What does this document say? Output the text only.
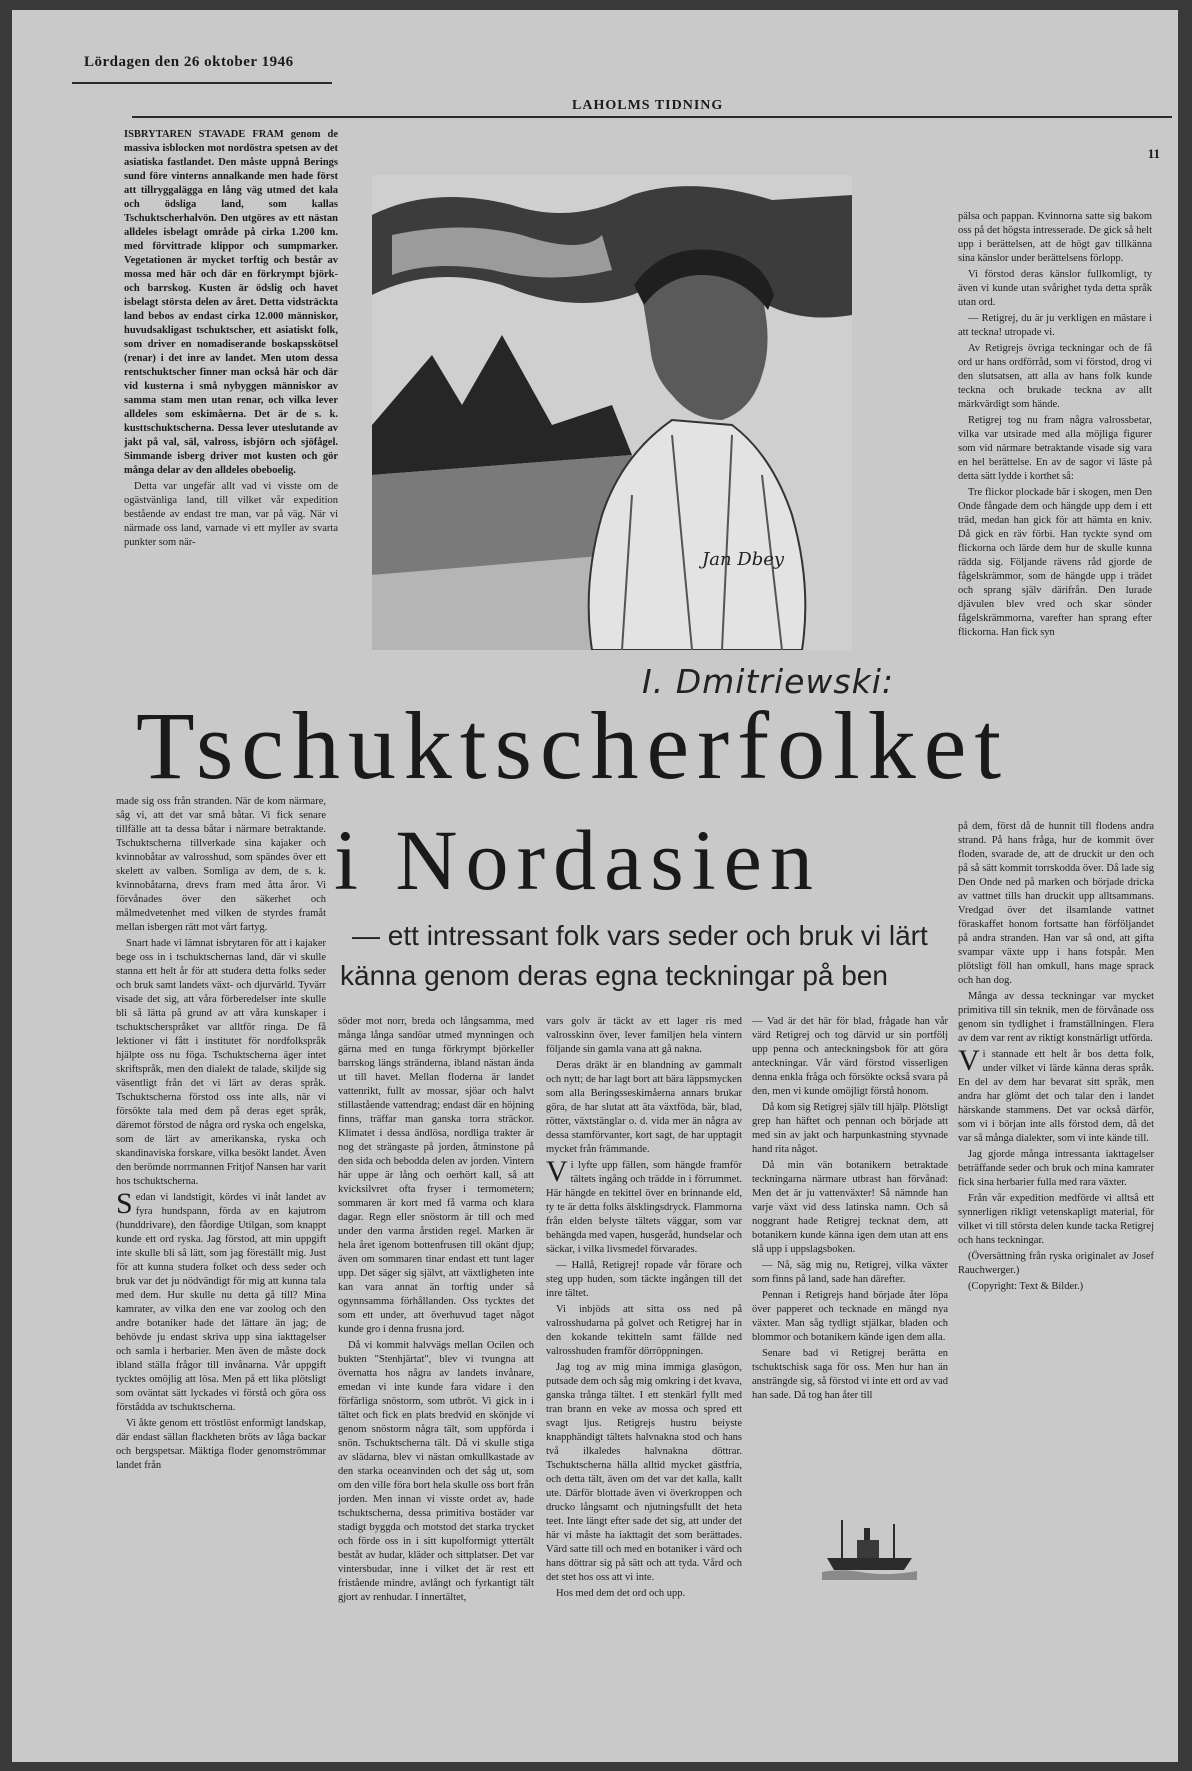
Lördagen den 26 oktober 1946
LAHOLMS TIDNING
11

ISBRYTAREN STAVADE FRAM genom de massiva isblocken mot nordöstra spetsen av det asiatiska fastlandet. Den måste uppnå Berings sund före vinterns annalkande men hade först att tillryggalägga en lång väg utmed det kala och ödsliga land, som kallas Tschuktscherhalvön. Den utgöres av ett nästan alldeles isbelagt område på cirka 1.200 km. med förvittrade klippor och sumpmarker. Vegetationen är mycket torftig och består av mossa med här och där en förkrympt björk- och barrskog. Kusten är ödslig och havet isbelagt största delen av året. Detta vidsträckta land bebos av endast cirka 12.000 människor, huvudsakligast tschuktscher, ett asiatiskt folk, som driver en nomadiserande boskapsskötsel (renar) i det inre av landet. Men utom dessa rentschuktscher finner man också här och där vid kusterna i små nybyggen människor av samma stam men utan renar, och vilka lever alldeles som eskimåerna. Det är de s. k. kusttschuktscherna. Dessa lever uteslutande av jakt på val, säl, valross, isbjörn och sjöfågel. Simmande isberg driver mot kusten och gör många delar av den alldeles obeboelig.

Detta var ungefär allt vad vi visste om de ogästvänliga land, till vilket vår expedition bestående av endast tre man, var på väg. När vi närmade oss land, varnade vi ett myller av svarta punkter som när-

Jan Dbey
I. Dmitriewski:

pälsa och pappan. Kvinnorna satte sig bakom oss på det högsta intresserade. De gick så helt upp i berättelsen, att de högt gav tillkänna sina känslor under berättelsens förlopp.

Vi förstod deras känslor fullkomligt, ty även vi kunde utan svårighet tyda detta språk utan ord.

— Retigrej, du är ju verkligen en mästare i att teckna! utropade vi.

Av Retigrejs övriga teckningar och de få ord ur hans ordförråd, som vi förstod, drog vi den slutsatsen, att alla av hans folk kunde teckna och brukade teckna av allt märkvärdigt som hände.

Retigrej tog nu fram några valrossbetar, vilka var utsirade med alla möjliga figurer som vid närmare betraktande visade sig vara en hel berättelse. En av de sagor vi läste på detta sätt lydde i korthet så:

Tre flickor plockade bär i skogen, men Den Onde fångade dem och hängde upp dem i ett träd, medan han gick för att hämta en kniv. Då gick en räv förbi. Han tyckte synd om flickorna och lärde dem hur de skulle kunna rädda sig. Följande rävens råd gjorde de fågelskrämmor, som de hängde upp i trädet och sprang själv därifrån. Den lurade djävulen blev vred och skar sönder fågelskrämmorna, varefter han sprang efter flickorna. Han fick syn

Tschuktscherfolket
i Nordasien
— ett intressant folk vars seder och bruk vi lärt
känna genom deras egna teckningar på ben

made sig oss från stranden. När de kom närmare, såg vi, att det var små båtar. Vi fick senare tillfälle att ta dessa båtar i närmare betraktande. Tschuktscherna tillverkade sina kajaker och kvinnobåtar av valrosshud, som spändes över ett skelett av valben. Somliga av dem, de s. k. kvinnobåtarna, drevs fram med åtta åror. Vi förvånades över den säkerhet och målmedvetenhet med vilken de styrdes framåt mellan isbergen rätt mot vårt fartyg.

Snart hade vi lämnat isbrytaren för att i kajaker bege oss in i tschuktschernas land, där vi skulle stanna ett helt år för att studera detta folks seder och bruk samt landets växt- och djurvärld. Tyvärr visade det sig, att våra förberedelser inte skulle bli så lätta på grund av att våra kunskaper i tschuktscherspråket var alltför ringa. De få lektioner vi fått i institutet för nordfolkspråk hjälpte oss nu föga. Tschuktscherna äger intet skriftspråk, men den dialekt de talade, skiljde sig väsentligt från det vi lärt av deras språk. Tschuktscherna förstod oss inte alls, när vi försökte tala med dem på deras eget språk, däremot förstod de några ord ryska och engelska, som de lärt av amerikanska, ryska och skandinaviska forskare, vilka besökt landet. Även den berömde norrmannen Fritjof Nansen har varit hos tschuktscherna.

Sedan vi landstigit, kördes vi inåt landet av fyra hundspann, förda av en kajutrom (hunddrivare), den fåordige Utilgan, som knappt kunde ett ord ryska. Jag förstod, att min uppgift inte skulle bli så lätt, som jag föreställt mig. Just för att kunna studera folket och dess seder och bruk var det ju nödvändigt för mig att kunna tala med dem. Hur skulle nu detta gå till? Mina kamrater, av vilka den ene var zoolog och den andre botaniker hade det lättare än jag; de behövde ju endast skriva upp sina iakttagelser och samla i herbarier. Men även de måste dock ibland ställa frågor till invånarna. Vår uppgift tycktes omöjlig att lösa. Men på ett lika plötsligt som oväntat sätt lyckades vi förstå och göra oss förstådda av tschuktscherna.

Vi åkte genom ett tröstlöst enformigt landskap, där endast sällan flackheten bröts av låga backar och bergspetsar. Mäktiga floder genomströmmar landet från

söder mot norr, breda och långsamma, med många långa sandöar utmed mynningen och gärna med en tunga förkrympt björkeller barrskog längs stränderna, ibland nästan ända ut till havet. Mellan floderna är landet vattenrikt, fullt av mossar, sjöar och halvt stillastående vattendrag; endast där en höjning finns, träffar man ganska torra sträckor. Klimatet i dessa ändlösa, nordliga trakter är nog det strängaste på jorden, åtminstone på den sida och bebodda delen av jorden. Vintern här uppe är lång och oerhört kall, så att kvicksilvret ofta fryser i termometern; sommaren är kort med få varma och klara dagar. Regn eller snöstorm är till och med under den varma årstiden regel. Marken är hela året igenom bottenfrusen till okänt djup; även om sommaren tinar endast ett tunt lager upp. Det säger sig självt, att växtligheten inte kan vara annat än torftig under så ogynnsamma förhållanden. Oss tycktes det som ett under, att överhuvud taget något kunde gro i denna frusna jord.

Då vi kommit halvvägs mellan Ocilen och bukten "Stenhjärtat", blev vi tvungna att övernatta hos några av landets invånare, emedan vi inte kunde fara vidare i den förfärliga snöstorm, som utbröt. Vi gick in i tältet och fick en plats bredvid en skönjde vi genom snöstorm några tält, som uppförda i snön. Tschuktscherna tält. Då vi skulle stiga av slädarna, blev vi nästan omkullkastade av den starka oceanvinden och det såg ut, som om den ville föra bort hela skulle oss bort från jorden. Men innan vi visste ordet av, hade tschuktscherna, dessa primitiva bostäder var stadigt byggda och motstod det starka trycket och förde oss in i sitt kupolformigt yttertält beståt av hudar, kläder och sittplatser. Det var vintersbudar, inne i vilket det är rest ett fristående mindre, avlångt och fyrkantigt tält gjort av renhudar. I innertältet,

vars golv är täckt av ett lager ris med valrosskinn över, lever familjen hela vintern följande sin gamla vana att gå nakna.

Deras dräkt är en blandning av gammalt och nytt; de har lagt bort att bära läppsmycken som alla Beringsseskimåerna annars brukar göra, de har slutat att äta växtföda, bär, blad, rötter, växtstänglar o. d. vida mer än några av dessa stamförvanter, kort sagt, de har upptagit mycket från främmande.

Vi lyfte upp fällen, som hängde framför tältets ingång och trädde in i förrummet. Här hängde en tekittel över en brinnande eld, ty te är detta folks älsklingsdryck. Flammorna från elden belyste tältets väggar, som var behängda med vapen, husgeråd, hundselar och säckar, i vilka livsmedel förvarades.

— Hallå, Retigrej! ropade vår förare och steg upp huden, som täckte ingången till det inre tältet.

Vi inbjöds att sitta oss ned på valrosshudarna på golvet och Retigrej har in den kokande tekitteln samt fällde ned valrosshuden framför dörröppningen.

Jag tog av mig mina immiga glasögon, putsade dem och såg mig omkring i det kvava, ganska trånga tältet. I ett stenkärl fyllt med tran brann en veke av mossa och spred ett svagt ljus. Retigrejs hustru beiyste knapphändigt tältets halvnakna stod och hans två ilkaledes halvnakna döttrar. Tschuktscherna hälla alltid mycket gästfria, och detta tält, även om det var det kalla, kallt ute. Därför blottade även vi överkroppen och drucko långsamt och njutningsfullt det heta teet. Inte längt efter sade det sig, att under det här vi måste ha iakttagit det som berättades. Värd satte till och med en botaniker i värd och hans döttrar sig på sätt och att tyda. Vård och det stet hos oss att vi inte.

Hos med dem det ord och upp.

— Vad är det här för blad, frågade han vår värd Retigrej och tog därvid ur sin portfölj upp penna och anteckningsbok för att göra anteckningar. Vår värd förstod visserligen denna enkla fråga och försökte också svara på den, men vi kunde omöjligt förstå honom.

Då kom sig Retigrej själv till hjälp. Plötsligt grep han häftet och pennan och började att med sin av jakt och harpunkastning styvnade hand rita något.

Då min vän botanikern betraktade teckningarna närmare utbrast han förvånad: Men det är ju vattenväxter! Så nämnde han varje växt vid dess latinska namn. Och så noggrant hade Retigrej tecknat dem, att botanikern kunde känna igen dem utan att ens slå upp i uppslagsboken.

— Nå, säg mig nu, Retigrej, vilka växter som finns på land, sade han därefter.

Pennan i Retigrejs hand började åter löpa över papperet och tecknade en mängd nya växter. Man såg tydligt stjälkar, bladen och blommor och botanikern kände igen dem alla.

Senare bad vi Retigrej berätta en tschuktschisk saga för oss. Men hur han än ansträngde sig, så förstod vi inte ett ord av vad han sade. Då tog han åter till

på dem, först då de hunnit till flodens andra strand. På hans fråga, hur de kommit över floden, svarade de, att de druckit ur den och på så sätt kommit torrskodda över. Då lade sig Den Onde ned på marken och började dricka av vattnet tills han druckit upp alltsammans. Vredgad över det ilsamlande vattnet föraskaffet honom fortsatte han förföljandet på andra stranden. Han var så ond, att gifta svampar växte upp i hans fotspår. Men plötsligt föll han omkull, hans mage sprack och han dog.

Många av dessa teckningar var mycket primitiva till sin teknik, men de förvånade oss genom sin tydlighet i framställningen. Flera av dem var rent av riktigt konstnärligt utförda.

Vi stannade ett helt år bos detta folk, under vilket vi lärde känna deras språk. En del av dem har bevarat sitt språk, men andra har glömt det och talar den i landet härskande stammens. Det var också därför, som vi i början inte alls förstod dem, då det var så många dialekter, som vi inte kände till.

Jag gjorde många intressanta iakttagelser beträffande seder och bruk och mina kamrater fick sina herbarier fulla med rara växter.

Från vår expedition medförde vi alltså ett synnerligen rikligt vetenskapligt material, för vilket vi till största delen kunde tacka Retigrej och hans teckningar.

(Översättning från ryska originalet av Josef Rauchwerger.)

(Copyright: Text & Bilder.)
